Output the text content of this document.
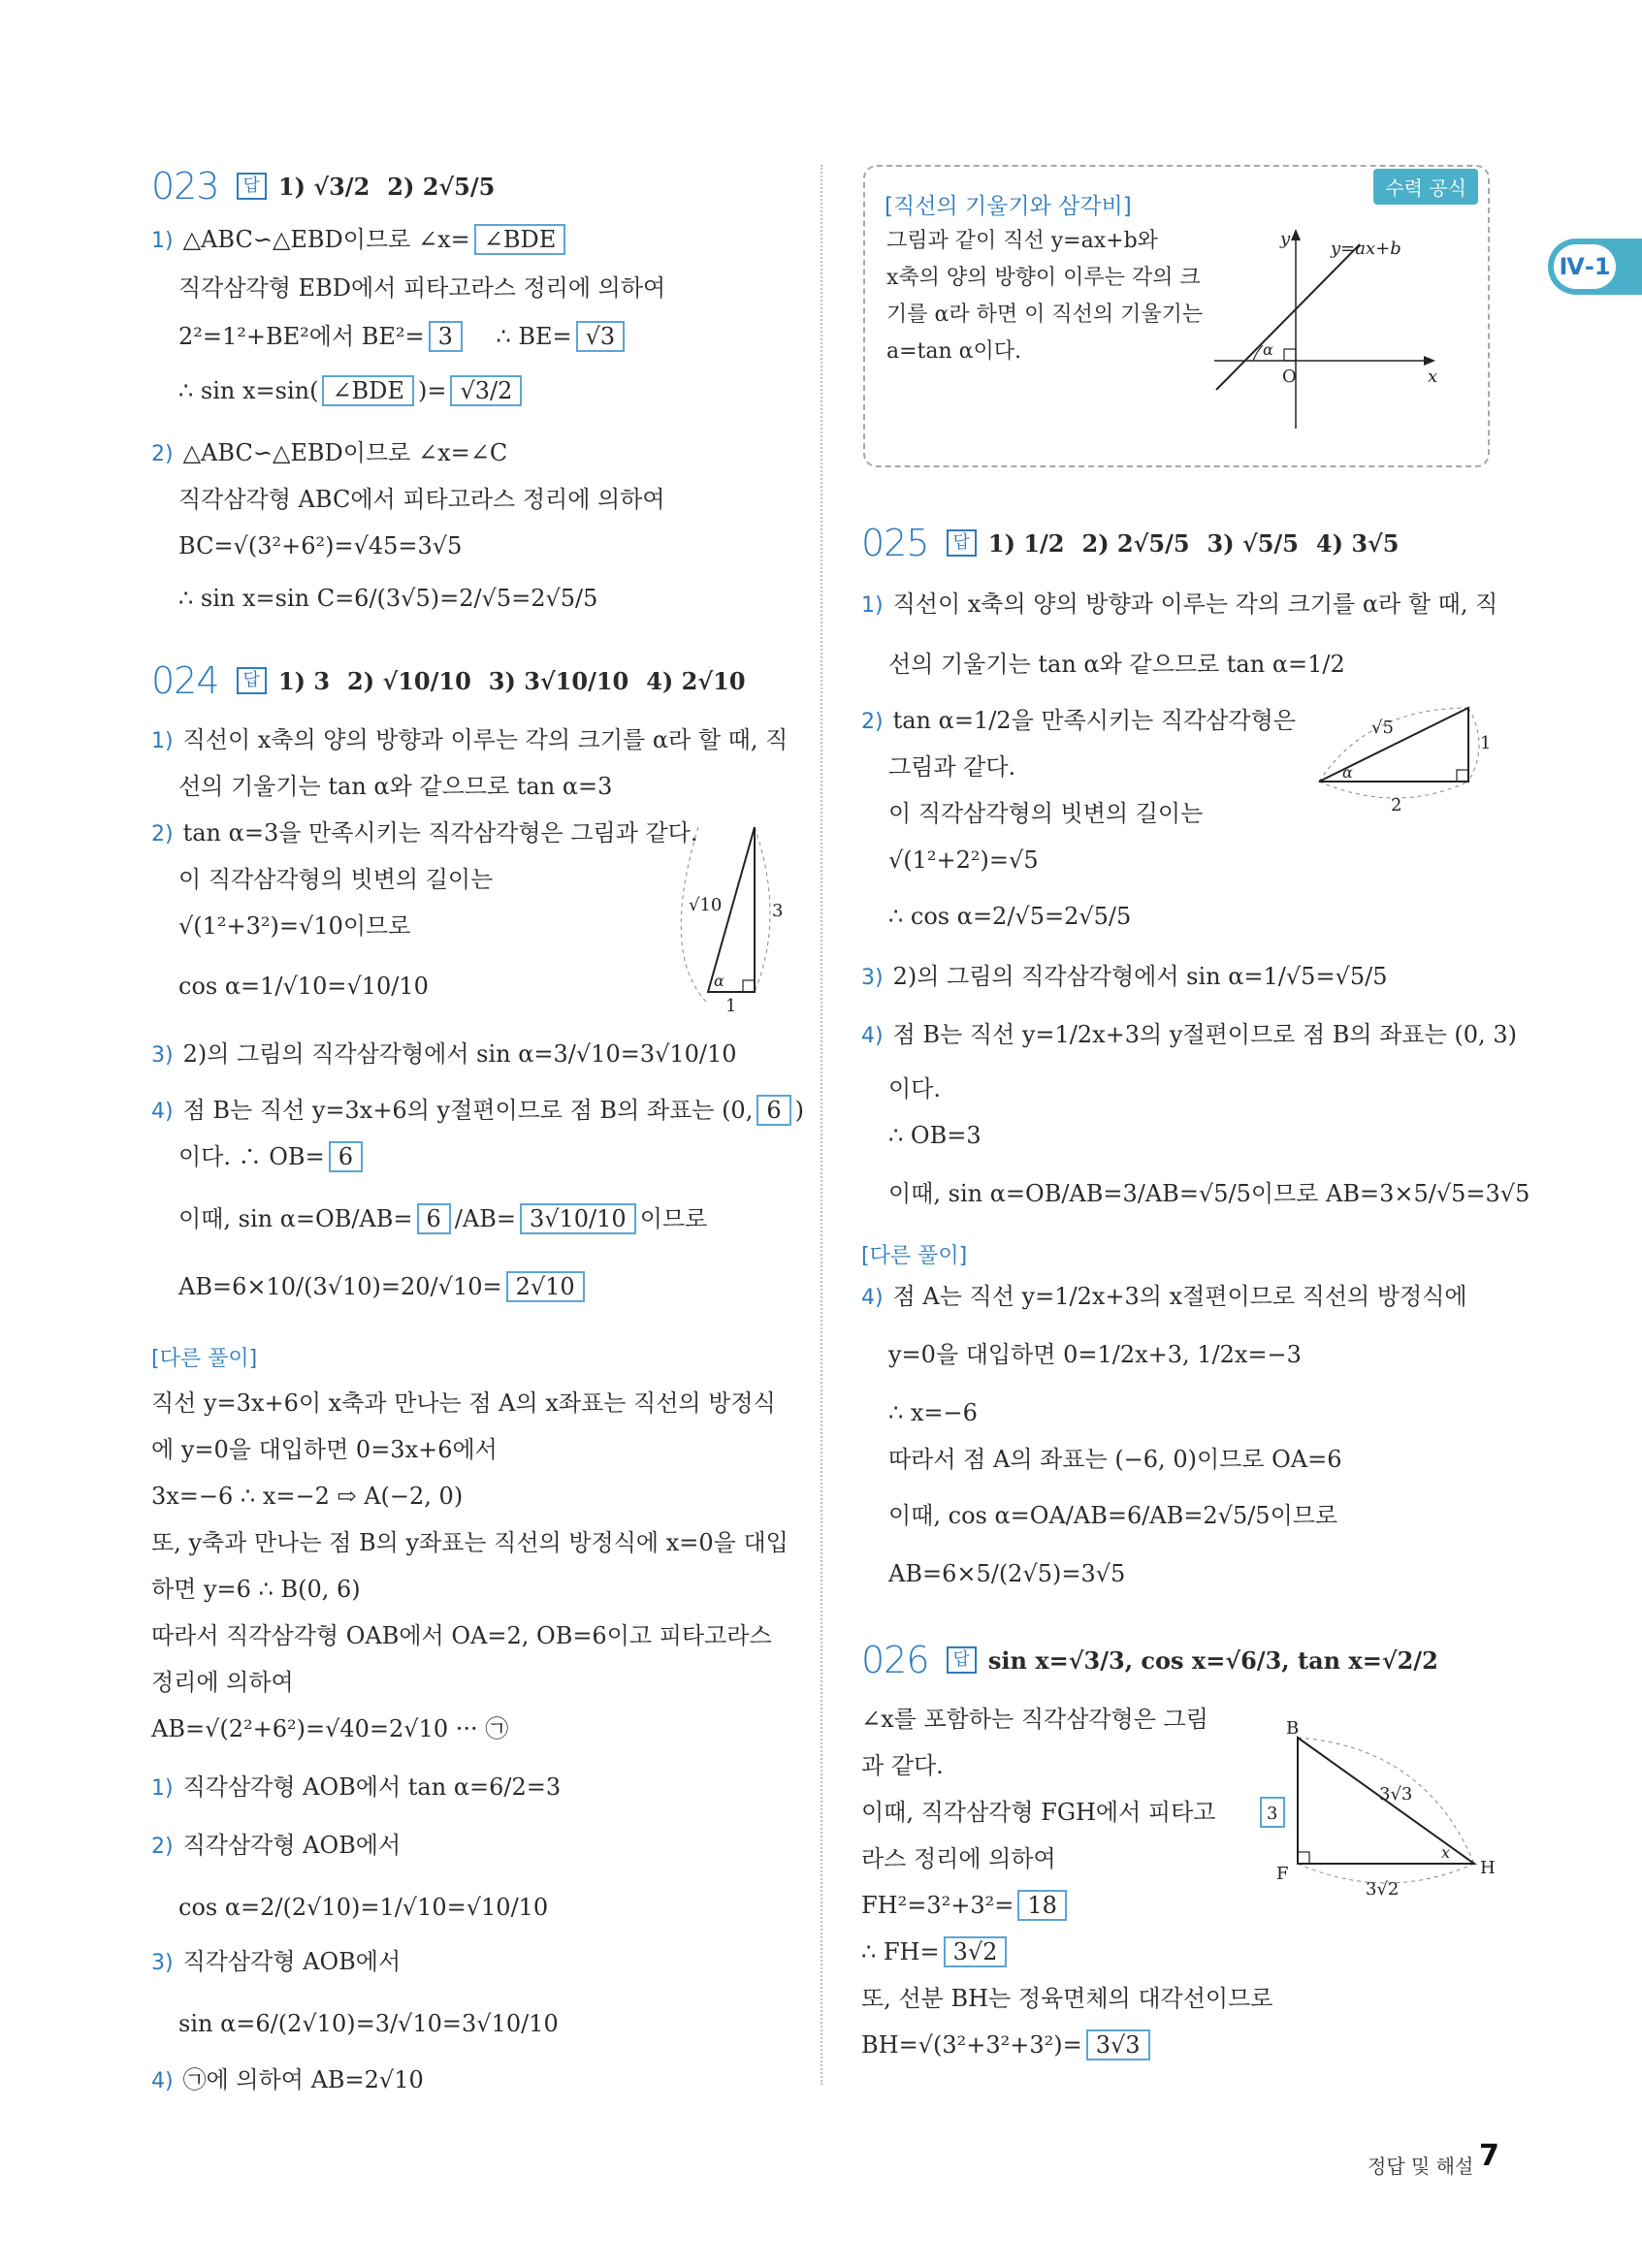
023	답 1) √3/2 2) 2√5/5
1) △ABC∽△EBD이므로 ∠x= ∠BDE
직각삼각형 EBD에서 피타고라스 정리에 의하여
2²=1²+BE²에서 BE²= 3 ∴ BE= √3
∴ sin x=sin( ∠BDE )= √3/2
2) △ABC∽△EBD이므로 ∠x=∠C
직각삼각형 ABC에서 피타고라스 정리에 의하여
BC=√(3²+6²)=√45=3√5
∴ sin x=sin C=6/(3√5)=2/√5=2√5/5
024	답 1) 3 2) √10/10 3) 3√10/10 4) 2√10
1) 직선이 x축의 양의 방향과 이루는 각의 크기를 α라 할 때, 직
선의 기울기는 tan α와 같으므로 tan α=3
2) tan α=3을 만족시키는 직각삼각형은 그림과 같다.
이 직각삼각형의 빗변의 길이는
√(1²+3²)=√10이므로
cos α=1/√10=√10/10
3) 2)의 그림의 직각삼각형에서 sin α=3/√10=3√10/10
4) 점 B는 직선 y=3x+6의 y절편이므로 점 B의 좌표는 (0, 6 )
이다. ∴ OB= 6
이때, sin α=OB/AB= 6 /AB= 3√10/10 이므로
AB=6×10/(3√10)=20/√10= 2√10
[다른 풀이]
직선 y=3x+6이 x축과 만나는 점 A의 x좌표는 직선의 방정식
에 y=0을 대입하면 0=3x+6에서
3x=−6 ∴ x=−2 ⇨ A(−2, 0)
또, y축과 만나는 점 B의 y좌표는 직선의 방정식에 x=0을 대입
하면 y=6 ∴ B(0, 6)
따라서 직각삼각형 OAB에서 OA=2, OB=6이고 피타고라스
정리에 의하여
AB=√(2²+6²)=√40=2√10 ··· ㉠
1) 직각삼각형 AOB에서 tan α=6/2=3
2) 직각삼각형 AOB에서
cos α=2/(2√10)=1/√10=√10/10
3) 직각삼각형 AOB에서
sin α=6/(2√10)=3/√10=3√10/10
4) ㉠에 의하여 AB=2√10
√10	3
α
1
수력 공식
[직선의 기울기와 삼각비]
그림과 같이 직선 y=ax+b와
x축의 양의 방향이 이루는 각의 크
기를 α라 하면 이 직선의 기울기는
a=tan α이다.
y y=ax+b
α
O	x
025	답 1) 1/2 2) 2√5/5 3) √5/5 4) 3√5
1) 직선이 x축의 양의 방향과 이루는 각의 크기를 α라 할 때, 직
선의 기울기는 tan α와 같으므로 tan α=1/2
2) tan α=1/2을 만족시키는 직각삼각형은
그림과 같다.
이 직각삼각형의 빗변의 길이는
√(1²+2²)=√5
∴ cos α=2/√5=2√5/5
3) 2)의 그림의 직각삼각형에서 sin α=1/√5=√5/5
4) 점 B는 직선 y=1/2x+3의 y절편이므로 점 B의 좌표는 (0, 3)
이다.
∴ OB=3
이때, sin α=OB/AB=3/AB=√5/5이므로 AB=3×5/√5=3√5
[다른 풀이]
4) 점 A는 직선 y=1/2x+3의 x절편이므로 직선의 방정식에
y=0을 대입하면 0=1/2x+3, 1/2x=−3
∴ x=−6
따라서 점 A의 좌표는 (−6, 0)이므로 OA=6
이때, cos α=OA/AB=6/AB=2√5/5이므로
AB=6×5/(2√5)=3√5
026	답 sin x=√3/3, cos x=√6/3, tan x=√2/2
∠x를 포함하는 직각삼각형은 그림
과 같다.
이때, 직각삼각형 FGH에서 피타고
라스 정리에 의하여
FH²=3²+3²= 18
∴ FH= 3√2
또, 선분 BH는 정육면체의 대각선이므로
BH=√(3²+3²+3²)= 3√3
√5
1
α
2
B
3√3
3
x
F	H
3√2
Ⅳ-1
정답 및 해설 7
